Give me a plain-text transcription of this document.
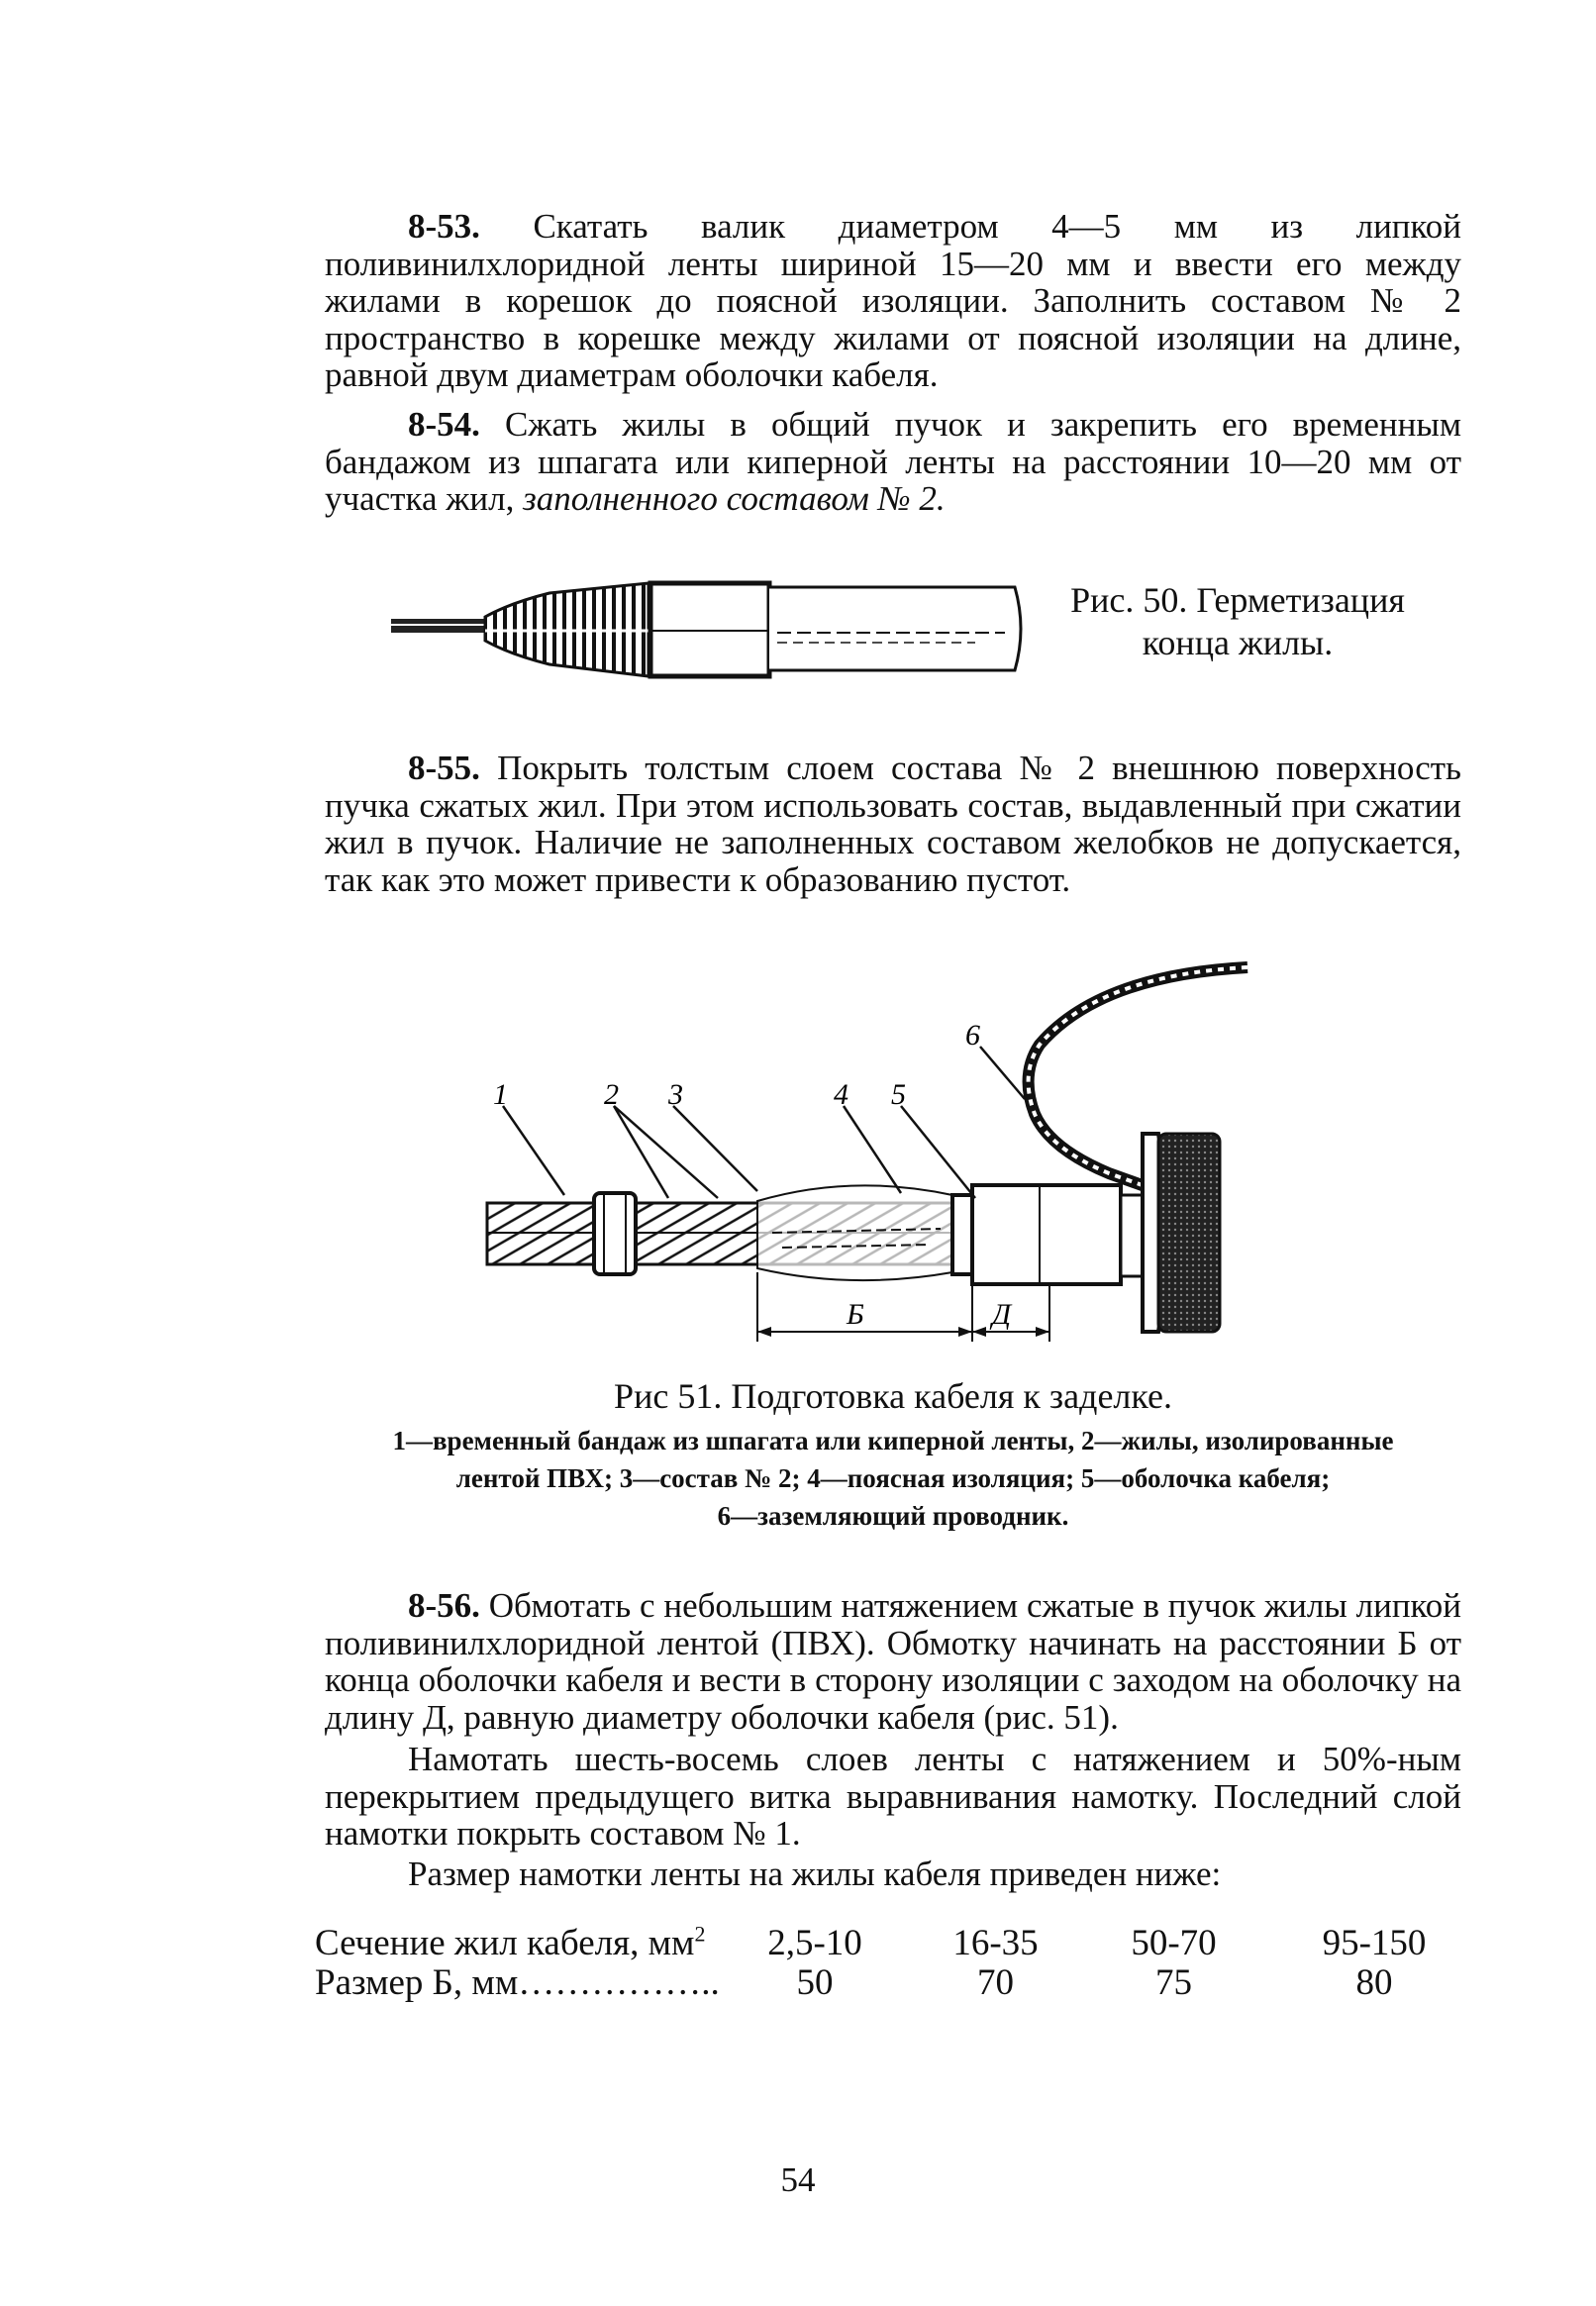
8-53. Скатать валик диаметром 4—5 мм из липкой поливинилхлоридной ленты шириной 15—20 мм и ввести его между жилами в корешок до поясной изоляции. Заполнить составом № 2 пространство в корешке между жилами от поясной изоляции на длине, равной двум диаметрам оболочки кабеля.

8-54. Сжать жилы в общий пучок и закрепить его временным бандажом из шпагата или киперной ленты на расстоянии 10—20 мм от участка жил, заполненного составом № 2.

Рис. 50. Герметизация
конца жилы.

8-55. Покрыть толстым слоем состава № 2 внешнюю поверхность пучка сжатых жил. При этом использовать состав, выдавленный при сжатии жил в пучок. Наличие не заполненных составом желобков не допускается, так как это может привести к образованию пустот.

1	2 3	4 5
6
Б	Д
Рис 51. Подготовка кабеля к заделке.
1—временный бандаж из шпагата или киперной ленты, 2—жилы, изолированные
лентой ПВХ; 3—состав № 2; 4—поясная изоляция; 5—оболочка кабеля;
6—заземляющий проводник.

8-56. Обмотать с небольшим натяжением сжатые в пучок жилы липкой поливинилхлоридной лентой (ПВХ). Обмотку начинать на расстоянии Б от конца оболочки кабеля и вести в сторону изоляции с заходом на оболочку на длину Д, равную диаметру оболочки кабеля (рис. 51).

Намотать шесть-восемь слоев ленты с натяжением и 50%-ным перекрытием предыдущего витка выравнивания намотку. Последний слой намотки покрыть составом № 1.

Размер намотки ленты на жилы кабеля приведен ниже:

Сечение жил кабеля, $мм^2$	2,5-10	16-35	50-70	95-150
Размер Б, мм……………..	50	70	75	80
54
